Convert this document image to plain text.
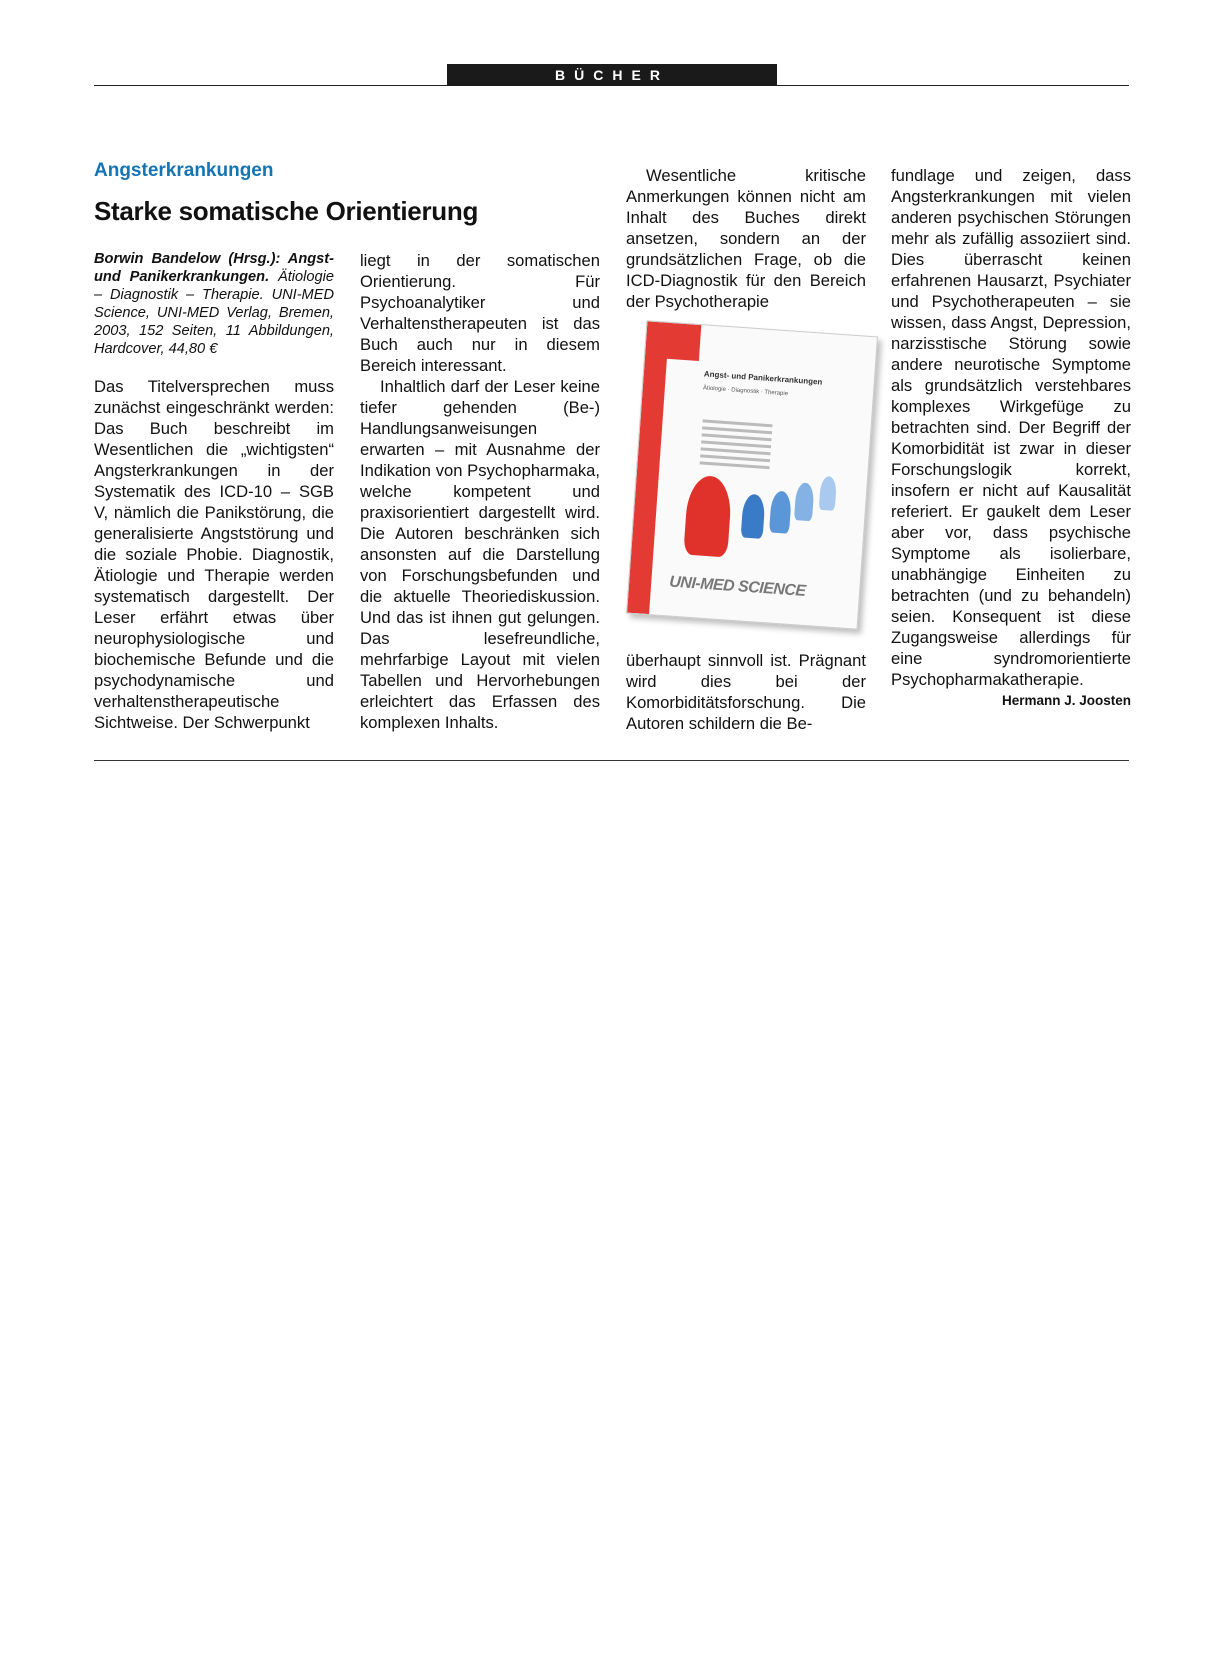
BÜCHER
Angsterkrankungen
Starke somatische Orientierung

Borwin Bandelow (Hrsg.): Angst- und Panikerkrankungen. Ätiologie – Diagnostik – Therapie. UNI-MED Science, UNI-MED Verlag, Bremen, 2003, 152 Seiten, 11 Abbildungen, Hardcover, 44,80 €

Das Titelversprechen muss zunächst eingeschränkt werden: Das Buch beschreibt im Wesentlichen die „wichtigsten“ Angsterkrankungen in der Systematik des ICD-10 – SGB V, nämlich die Panikstörung, die generalisierte Angststörung und die soziale Phobie. Diagnostik, Ätiologie und Therapie werden systematisch dargestellt. Der Leser erfährt etwas über neurophysiologische und biochemische Befunde und die psychodynamische und verhaltenstherapeutische Sichtweise. Der Schwerpunkt

liegt in der somatischen Orientierung. Für Psychoanalytiker und Verhaltenstherapeuten ist das Buch auch nur in diesem Bereich interessant.

Inhaltlich darf der Leser keine tiefer gehenden (Be-) Handlungsanweisungen erwarten – mit Ausnahme der Indikation von Psychopharmaka, welche kompetent und praxisorientiert dargestellt wird. Die Autoren beschränken sich ansonsten auf die Darstellung von Forschungsbefunden und die aktuelle Theoriediskussion. Und das ist ihnen gut gelungen. Das lesefreundliche, mehrfarbige Layout mit vielen Tabellen und Hervorhebungen erleichtert das Erfassen des komplexen Inhalts.

Wesentliche kritische Anmerkungen können nicht am Inhalt des Buches direkt ansetzen, sondern an der grundsätzlichen Frage, ob die ICD-Diagnostik für den Bereich der Psychotherapie

Angst- und Panikerkrankungen
Ätiologie · Diagnostik · Therapie
UNI-MED SCIENCE

überhaupt sinnvoll ist. Prägnant wird dies bei der Komorbiditätsforschung. Die Autoren schildern die Be-

fundlage und zeigen, dass Angsterkrankungen mit vielen anderen psychischen Störungen mehr als zufällig assoziiert sind. Dies überrascht keinen erfahrenen Hausarzt, Psychiater und Psychotherapeuten – sie wissen, dass Angst, Depression, narzisstische Störung sowie andere neurotische Symptome als grundsätzlich verstehbares komplexes Wirkgefüge zu betrachten sind. Der Begriff der Komorbidität ist zwar in dieser Forschungslogik korrekt, insofern er nicht auf Kausalität referiert. Er gaukelt dem Leser aber vor, dass psychische Symptome als isolierbare, unabhängige Einheiten zu betrachten (und zu behandeln) seien. Konsequent ist diese Zugangsweise allerdings für eine syndromorientierte Psychopharmakatherapie.
Hermann J. Joosten
